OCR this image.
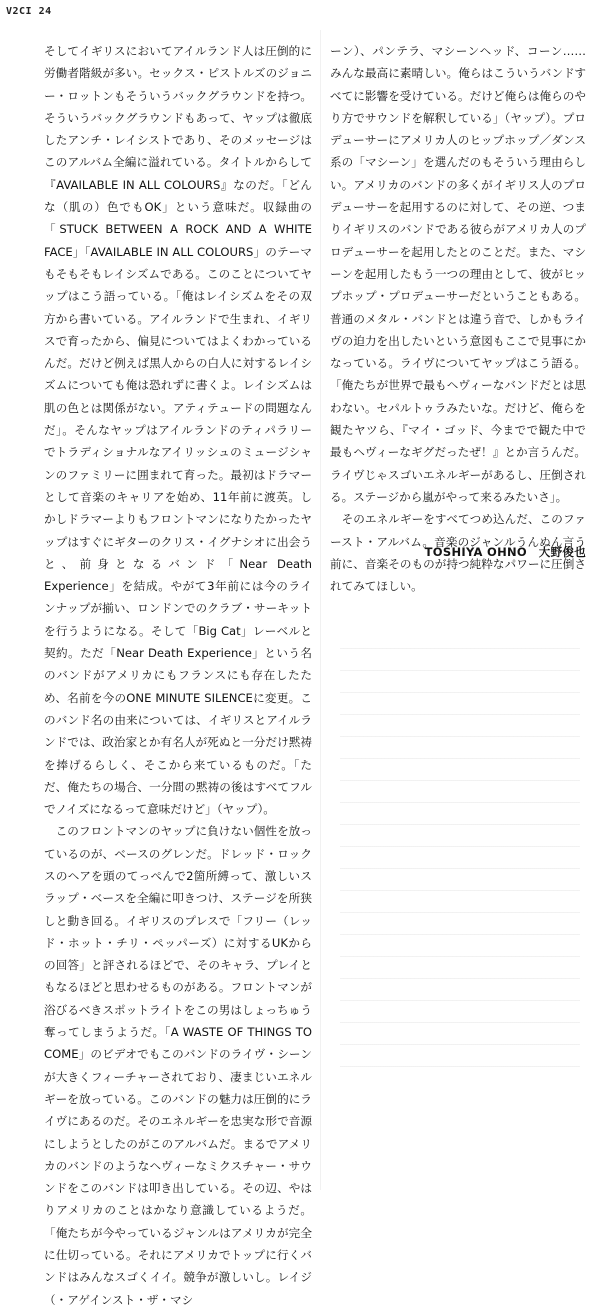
V2CI 24

そしてイギリスにおいてアイルランド人は圧倒的に労働者階級が多い。セックス・ピストルズのジョニー・ロットンもそういうバックグラウンドを持つ。そういうバックグラウンドもあって、ヤップは徹底したアンチ・レイシストであり、そのメッセージはこのアルバム全編に溢れている。タイトルからして『AVAILABLE IN ALL COLOURS』なのだ。「どんな（肌の）色でもOK」という意味だ。収録曲の「STUCK BETWEEN A ROCK AND A WHITE FACE」「AVAILABLE IN ALL COLOURS」のテーマもそもそもレイシズムである。このことについてヤップはこう語っている。「俺はレイシズムをその双方から書いている。アイルランドで生まれ、イギリスで育ったから、偏見についてはよくわかっているんだ。だけど例えば黒人からの白人に対するレイシズムについても俺は恐れずに書くよ。レイシズムは肌の色とは関係がない。アティテュードの問題なんだ」。そんなヤップはアイルランドのティパラリーでトラディショナルなアイリッシュのミュージシャンのファミリーに囲まれて育った。最初はドラマーとして音楽のキャリアを始め、11年前に渡英。しかしドラマーよりもフロントマンになりたかったヤップはすぐにギターのクリス・イグナシオに出会うと、前身となるバンド「Near Death Experience」を結成。やがて3年前には今のラインナップが揃い、ロンドンでのクラブ・サーキットを行うようになる。そして「Big Cat」レーベルと契約。ただ「Near Death Experience」という名のバンドがアメリカにもフランスにも存在したため、名前を今のONE MINUTE SILENCEに変更。このバンド名の由来については、イギリスとアイルランドでは、政治家とか有名人が死ぬと一分だけ黙祷を捧げるらしく、そこから来ているものだ。「ただ、俺たちの場合、一分間の黙祷の後はすべてフルでノイズになるって意味だけど」（ヤップ）。

このフロントマンのヤップに負けない個性を放っているのが、ベースのグレンだ。ドレッド・ロックスのヘアを頭のてっぺんで2箇所縛って、激しいスラップ・ベースを全編に叩きつけ、ステージを所狭しと動き回る。イギリスのプレスで「フリー（レッド・ホット・チリ・ペッパーズ）に対するUKからの回答」と評されるほどで、そのキャラ、プレイともなるほどと思わせるものがある。フロントマンが浴びるべきスポットライトをこの男はしょっちゅう奪ってしまうようだ。「A WASTE OF THINGS TO COME」のビデオでもこのバンドのライヴ・シーンが大きくフィーチャーされており、凄まじいエネルギーを放っている。このバンドの魅力は圧倒的にライヴにあるのだ。そのエネルギーを忠実な形で音源にしようとしたのがこのアルバムだ。まるでアメリカのバンドのようなヘヴィーなミクスチャー・サウンドをこのバンドは叩き出している。その辺、やはりアメリカのことはかなり意識しているようだ。「俺たちが今やっているジャンルはアメリカが完全に仕切っている。それにアメリカでトップに行くバンドはみんなスゴくイイ。競争が激しいし。レイジ（・アゲインスト・ザ・マシ

ーン）、パンテラ、マシーンヘッド、コーン……みんな最高に素晴しい。俺らはこういうバンドすべてに影響を受けている。だけど俺らは俺らのやり方でサウンドを解釈している」（ヤップ）。プロデューサーにアメリカ人のヒップホップ／ダンス系の「マシーン」を選んだのもそういう理由らしい。アメリカのバンドの多くがイギリス人のプロデューサーを起用するのに対して、その逆、つまりイギリスのバンドである彼らがアメリカ人のプロデューサーを起用したとのことだ。また、マシーンを起用したもう一つの理由として、彼がヒップホップ・プロデューサーだということもある。普通のメタル・バンドとは違う音で、しかもライヴの迫力を出したいという意図もここで見事にかなっている。ライヴについてヤップはこう語る。「俺たちが世界で最もヘヴィーなバンドだとは思わない。セパルトゥラみたいな。だけど、俺らを観たヤツら、『マイ・ゴッド、今までで観た中で最もヘヴィーなギグだったぜ！』とか言うんだ。ライヴじゃスゴいエネルギーがあるし、圧倒される。ステージから嵐がやって来るみたいさ」。

そのエネルギーをすべてつめ込んだ、このファースト・アルバム。音楽のジャンルうんぬん言う前に、音楽そのものが持つ純粋なパワーに圧倒されてみてほしい。

TOSHIYA OHNO　大野俊也
